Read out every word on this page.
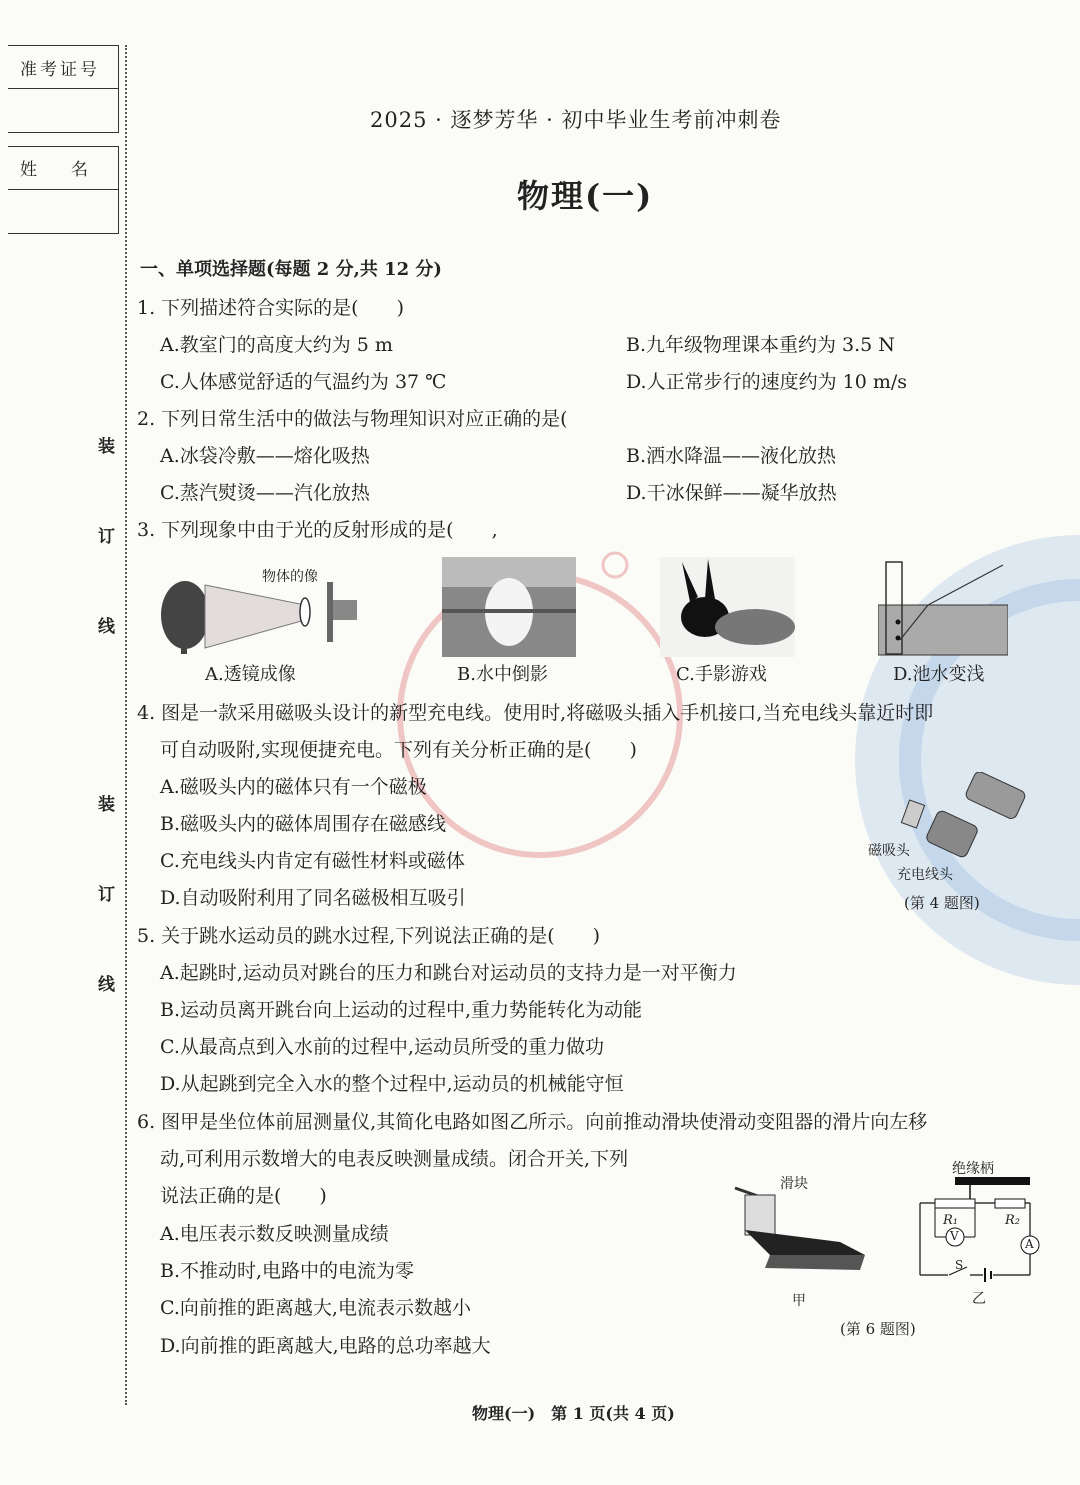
准考证号
姓　　名
装
订
线
装
订
线
2025 · 逐梦芳华 · 初中毕业生考前冲刺卷
物理(一)
一、单项选择题(每题 2 分,共 12 分)
1. 下列描述符合实际的是(　　)
A.教室门的高度大约为 5 m	B.九年级物理课本重约为 3.5 N
C.人体感觉舒适的气温约为 37 ℃	D.人正常步行的速度约为 10 m/s
2. 下列日常生活中的做法与物理知识对应正确的是(
A.冰袋冷敷——熔化吸热	B.洒水降温——液化放热
C.蒸汽熨烫——汽化放热	D.干冰保鲜——凝华放热
3. 下列现象中由于光的反射形成的是(　　,
物体的像
A.透镜成像	B.水中倒影	C.手影游戏	D.池水变浅
4. 图是一款采用磁吸头设计的新型充电线。使用时,将磁吸头插入手机接口,当充电线头靠近时即
可自动吸附,实现便捷充电。下列有关分析正确的是(　　)
A.磁吸头内的磁体只有一个磁极
B.磁吸头内的磁体周围存在磁感线
C.充电线头内肯定有磁性材料或磁体
D.自动吸附利用了同名磁极相互吸引
磁吸头
充电线头
(第 4 题图)
5. 关于跳水运动员的跳水过程,下列说法正确的是(　　)
A.起跳时,运动员对跳台的压力和跳台对运动员的支持力是一对平衡力
B.运动员离开跳台向上运动的过程中,重力势能转化为动能
C.从最高点到入水前的过程中,运动员所受的重力做功
D.从起跳到完全入水的整个过程中,运动员的机械能守恒
6. 图甲是坐位体前屈测量仪,其简化电路如图乙所示。向前推动滑块使滑动变阻器的滑片向左移
动,可利用示数增大的电表反映测量成绩。闭合开关,下列
说法正确的是(　　)
A.电压表示数反映测量成绩
B.不推动时,电路中的电流为零
C.向前推的距离越大,电流表示数越小
D.向前推的距离越大,电路的总功率越大
滑块
甲
绝缘柄
R₁	R₂
V
A
S
乙
(第 6 题图)
物理(一)　第 1 页(共 4 页)
